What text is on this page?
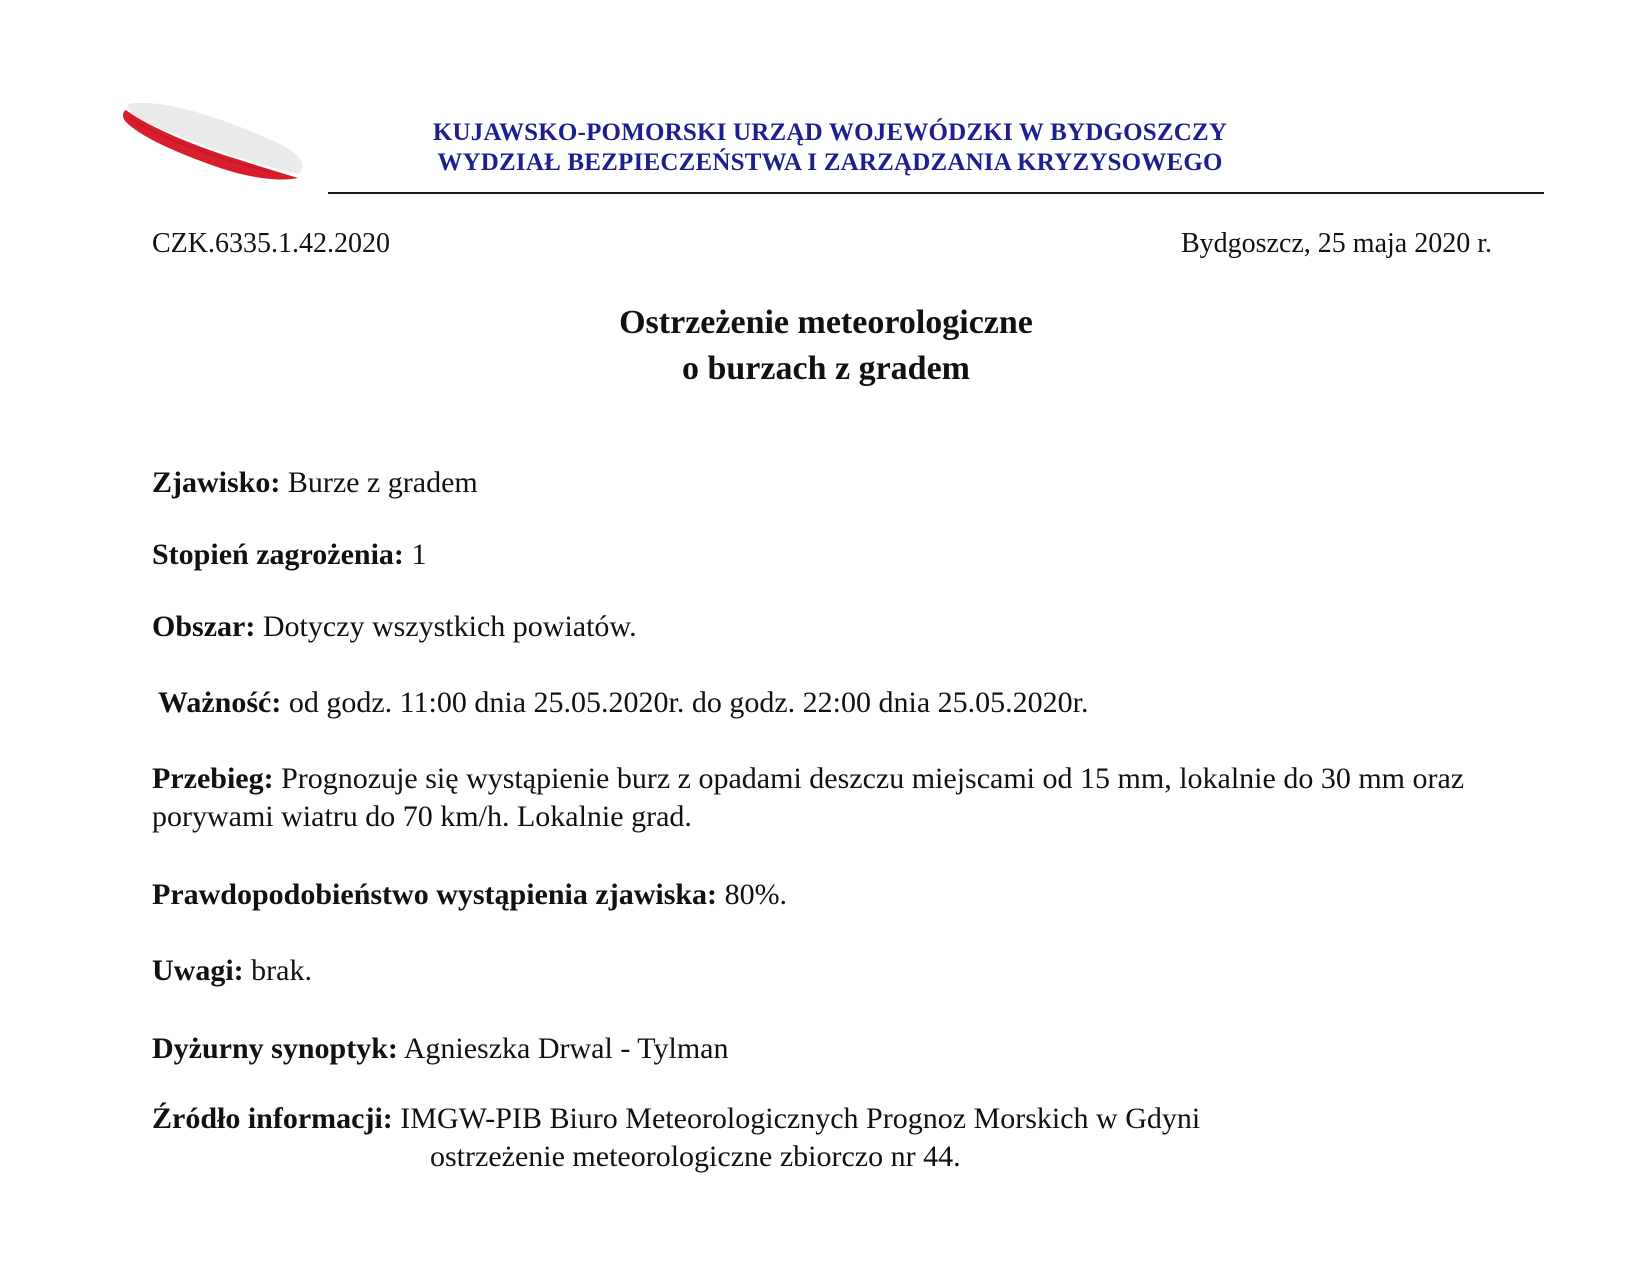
KUJAWSKO-POMORSKI URZĄD WOJEWÓDZKI W BYDGOSZCZY
WYDZIAŁ BEZPIECZEŃSTWA I ZARZĄDZANIA KRYZYSOWEGO
CZK.6335.1.42.2020	Bydgoszcz, 25 maja 2020 r.
Ostrzeżenie meteorologiczne
o burzach z gradem
Zjawisko: Burze z gradem
Stopień zagrożenia: 1
Obszar: Dotyczy wszystkich powiatów.
Ważność: od godz. 11:00 dnia 25.05.2020r. do godz. 22:00 dnia 25.05.2020r.
Przebieg: Prognozuje się wystąpienie burz z opadami deszczu miejscami od 15 mm, lokalnie do 30 mm oraz porywami wiatru do 70 km/h. Lokalnie grad.
Prawdopodobieństwo wystąpienia zjawiska: 80%.
Uwagi: brak.
Dyżurny synoptyk: Agnieszka Drwal - Tylman
Źródło informacji: IMGW-PIB Biuro Meteorologicznych Prognoz Morskich w Gdyni
ostrzeżenie meteorologiczne zbiorczo nr 44.
